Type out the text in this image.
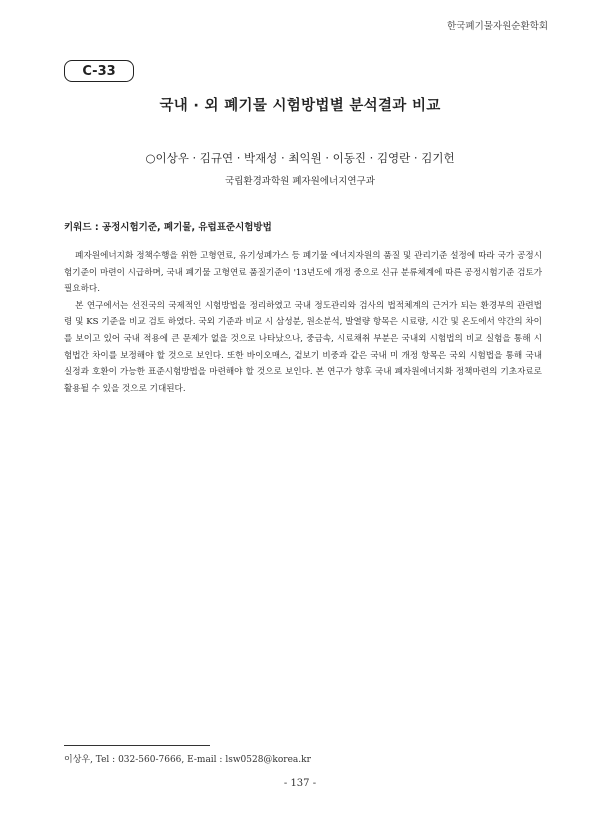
한국폐기물자원순환학회
C-33
국내 · 외 폐기물 시험방법별 분석결과 비교
○이상우 · 김규연 · 박재성 · 최익원 · 이동진 · 김영란 · 김기헌
국립환경과학원 폐자원에너지연구과
키워드 : 공정시험기준, 폐기물, 유럽표준시험방법

폐자원에너지화 정책수행을 위한 고형연료, 유기성폐가스 등 폐기물 에너지자원의 품질 및 관리기준 설정에 따라 국가 공정시험기준이 마련이 시급하며, 국내 폐기물 고형연료 품질기준이 '13년도에 개정 중으로 신규 분류체계에 따른 공정시험기준 검토가 필요하다.

본 연구에서는 선진국의 국제적인 시험방법을 정리하였고 국내 정도관리와 검사의 법적체계의 근거가 되는 환경부의 관련법령 및 KS 기준을 비교 검토 하였다. 국외 기준과 비교 시 삼성분, 원소분석, 발열량 항목은 시료량, 시간 및 온도에서 약간의 차이를 보이고 있어 국내 적용에 큰 문제가 없을 것으로 나타났으나, 중금속, 시료채취 부분은 국내외 시험법의 비교 실험을 통해 시험법간 차이를 보정해야 할 것으로 보인다. 또한 바이오매스, 겉보기 비중과 같은 국내 미 개정 항목은 국외 시험법을 통해 국내 실정과 호환이 가능한 표준시험방법을 마련해야 할 것으로 보인다. 본 연구가 향후 국내 폐자원에너지화 정책마련의 기초자료로 활용될 수 있을 것으로 기대된다.

이상우, Tel : 032-560-7666, E-mail : lsw0528@korea.kr
- 137 -
